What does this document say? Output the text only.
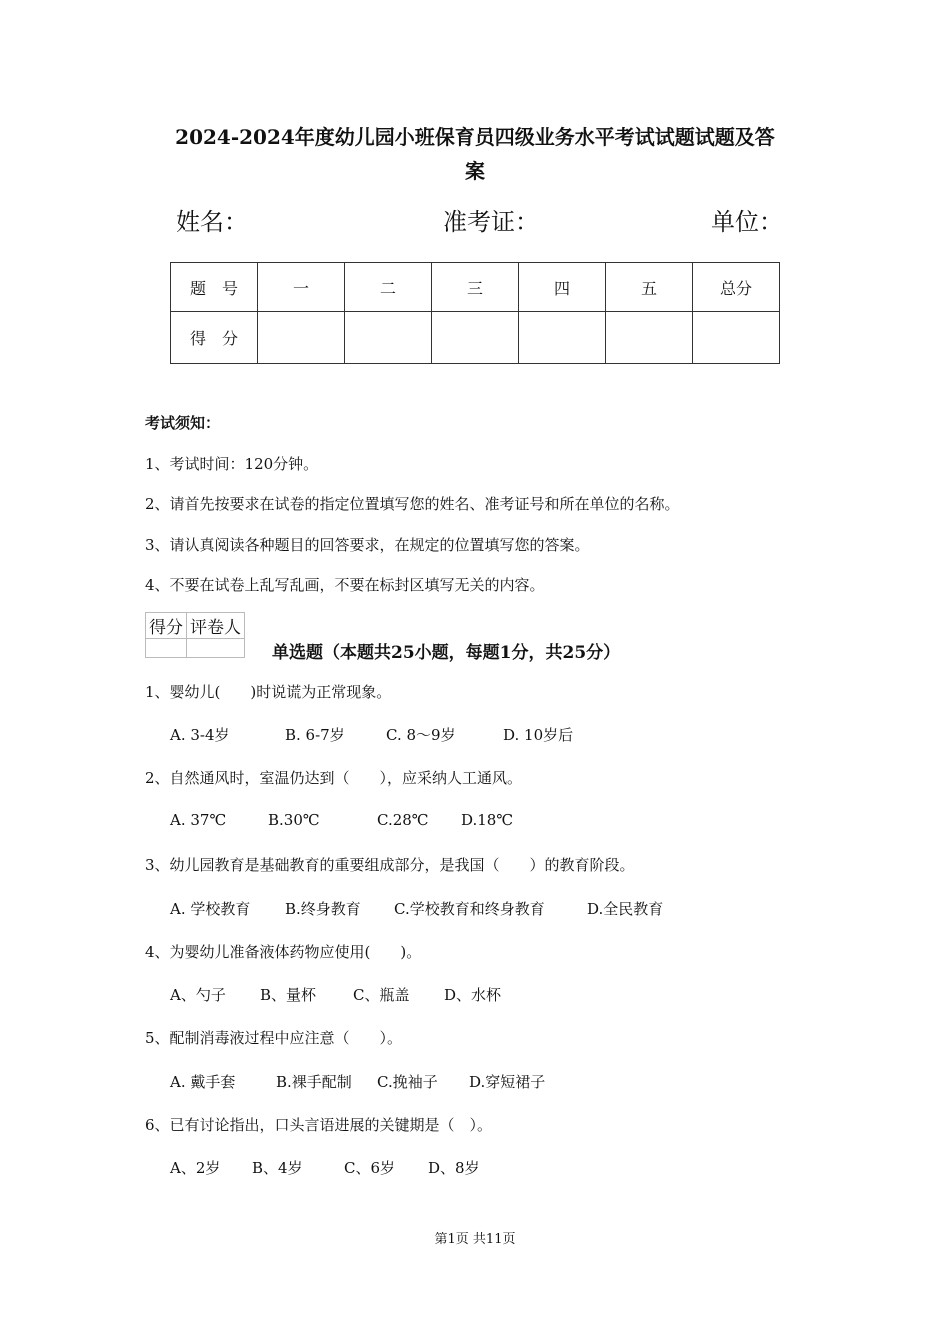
2024-2024年度幼儿园小班保育员四级业务水平考试试题试题及答
案
姓名：	准考证：	单位：
题　号	一	二	三	四	五	总分
得　分						
考试须知：
1、考试时间：120分钟。
2、请首先按要求在试卷的指定位置填写您的姓名、准考证号和所在单位的名称。
3、请认真阅读各种题目的回答要求，在规定的位置填写您的答案。
4、不要在试卷上乱写乱画，不要在标封区填写无关的内容。
得分	评卷人

单选题（本题共25小题，每题1分，共25分）
1、婴幼儿(　　)时说谎为正常现象。
A. 3-4岁	B. 6-7岁	C. 8～9岁	D. 10岁后
2、自然通风时，室温仍达到（　　），应采纳人工通风。
A. 37℃	B.30℃	C.28℃ D.18℃
3、幼儿园教育是基础教育的重要组成部分，是我国（　　）的教育阶段。
A. 学校教育 B.终身教育 C.学校教育和终身教育	D.全民教育
4、为婴幼儿准备液体药物应使用(　　)。
A、勺子 B、量杯 C、瓶盖 D、水杯
5、配制消毒液过程中应注意（　　）。
A. 戴手套	B.裸手配制 C.挽袖子 D.穿短裙子
6、已有讨论指出，口头言语进展的关键期是（　）。
A、2岁 B、4岁	C、6岁 D、8岁
第1页 共11页
